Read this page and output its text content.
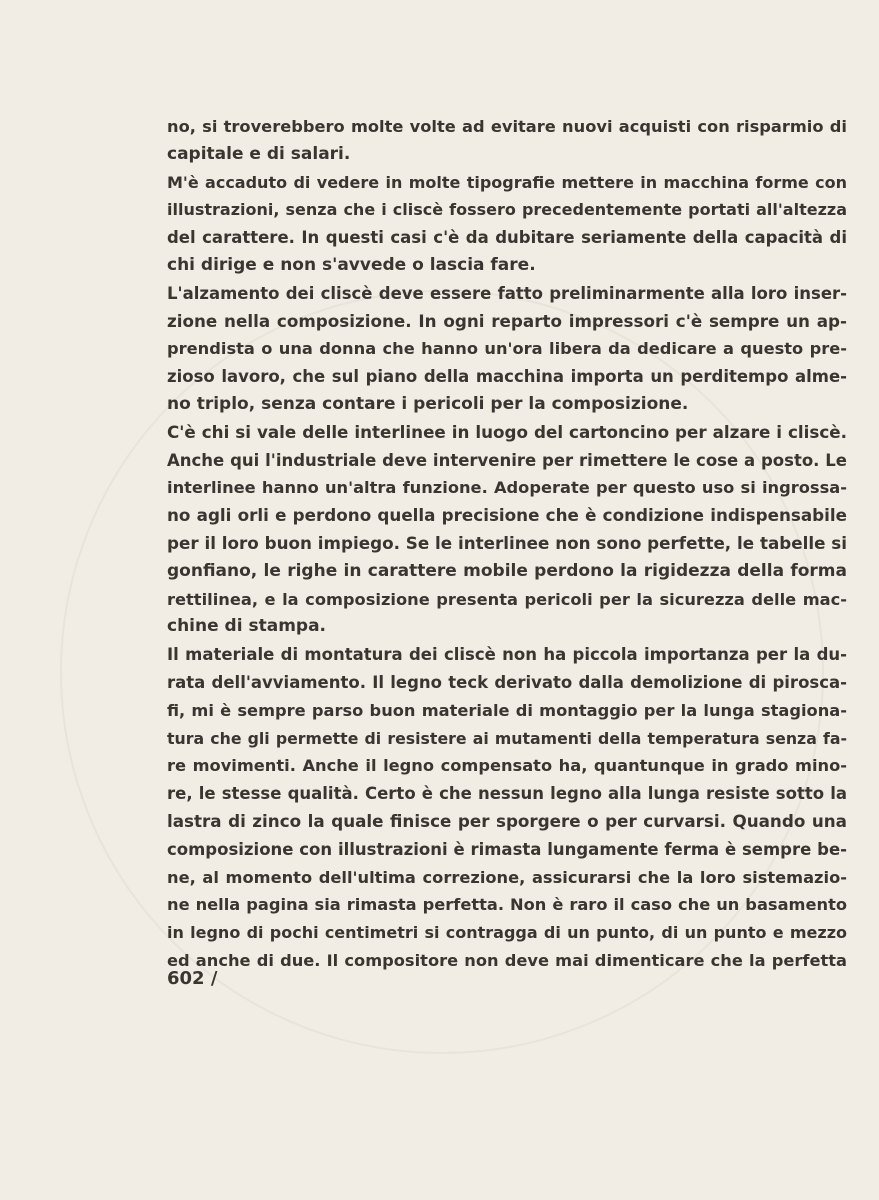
no, si troverebbero molte volte ad evitare nuovi acquisti con risparmio di
capitale e di salari.
M'è accaduto di vedere in molte tipografie mettere in macchina forme con
illustrazioni, senza che i cliscè fossero precedentemente portati all'altezza
del carattere. In questi casi c'è da dubitare seriamente della capacità di
chi dirige e non s'avvede o lascia fare.
L'alzamento dei cliscè deve essere fatto preliminarmente alla loro inser-
zione nella composizione. In ogni reparto impressori c'è sempre un ap-
prendista o una donna che hanno un'ora libera da dedicare a questo pre-
zioso lavoro, che sul piano della macchina importa un perditempo alme-
no triplo, senza contare i pericoli per la composizione.
C'è chi si vale delle interlinee in luogo del cartoncino per alzare i cliscè.
Anche qui l'industriale deve intervenire per rimettere le cose a posto. Le
interlinee hanno un'altra funzione. Adoperate per questo uso si ingrossa-
no agli orli e perdono quella precisione che è condizione indispensabile
per il loro buon impiego. Se le interlinee non sono perfette, le tabelle si
gonfiano, le righe in carattere mobile perdono la rigidezza della forma
rettilinea, e la composizione presenta pericoli per la sicurezza delle mac-
chine di stampa.
Il materiale di montatura dei cliscè non ha piccola importanza per la du-
rata dell'avviamento. Il legno teck derivato dalla demolizione di pirosca-
fi, mi è sempre parso buon materiale di montaggio per la lunga stagiona-
tura che gli permette di resistere ai mutamenti della temperatura senza fa-
re movimenti. Anche il legno compensato ha, quantunque in grado mino-
re, le stesse qualità. Certo è che nessun legno alla lunga resiste sotto la
lastra di zinco la quale finisce per sporgere o per curvarsi. Quando una
composizione con illustrazioni è rimasta lungamente ferma è sempre be-
ne, al momento dell'ultima correzione, assicurarsi che la loro sistemazio-
ne nella pagina sia rimasta perfetta. Non è raro il caso che un basamento
in legno di pochi centimetri si contragga di un punto, di un punto e mezzo
ed anche di due. Il compositore non deve mai dimenticare che la perfetta
602 /
